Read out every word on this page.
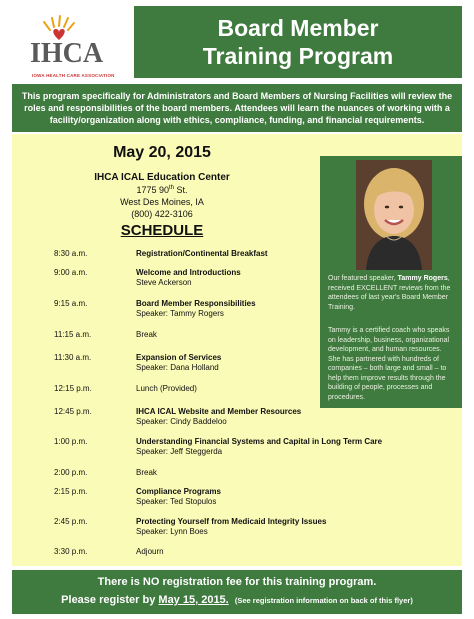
IHCA
IOWA HEALTH CARE ASSOCIATION
Board Member
Training Program
This program specifically for Administrators and Board Members of Nursing Facilities will review the roles and responsibilities of the board members. Attendees will learn the nuances of working with a facility/organization along with ethics, compliance, funding, and financial requirements.
May 20, 2015
IHCA ICAL Education Center
1775 90th St.
West Des Moines, IA
(800) 422-3106
SCHEDULE
8:30 a.m.	Registration/Continental Breakfast
9:00 a.m.	Welcome and Introductions
Steve Ackerson
9:15 a.m.	Board Member Responsibilities
Speaker: Tammy Rogers
11:15 a.m.	Break
11:30 a.m.	Expansion of Services
Speaker: Dana Holland
12:15 p.m.	Lunch (Provided)
12:45 p.m.	IHCA ICAL Website and Member Resources
Speaker: Cindy Baddeloo
1:00 p.m.	Understanding Financial Systems and Capital in Long Term Care
Speaker: Jeff Steggerda
2:00 p.m.	Break
2:15 p.m.	Compliance Programs
Speaker: Ted Stopulos
2:45 p.m.	Protecting Yourself from Medicaid Integrity Issues
Speaker: Lynn Boes
3:30 p.m.	Adjourn
Our featured speaker, Tammy Rogers, received EXCELLENT reviews from the attendees of last year's Board Member Training.
Tammy is a certified coach who speaks on leadership, business, organizational development, and human resources. She has partnered with hundreds of companies – both large and small – to help them improve results through the building of people, processes and procedures.
There is NO registration fee for this training program.
Please register by May 15, 2015. (See registration information on back of this flyer)
